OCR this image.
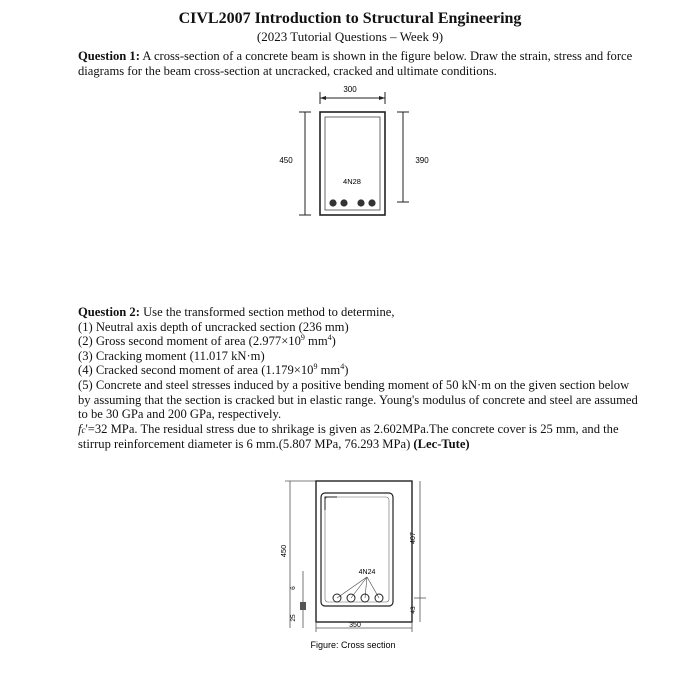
CIVL2007 Introduction to Structural Engineering
(2023 Tutorial Questions – Week 9)
Question 1: A cross-section of a concrete beam is shown in the figure below. Draw the strain, stress and force diagrams for the beam cross-section at uncracked, cracked and ultimate conditions.
300
450	390
4N28
Question 2: Use the transformed section method to determine,
(1) Neutral axis depth of uncracked section (236 mm)
(2) Gross second moment of area ($2.977\times 10^9$ $mm^4$)
(3) Cracking moment (11.017 kN·m)
(4) Cracked second moment of area ($1.179\times 10^9$ $mm^4$)
(5) Concrete and steel stresses induced by a positive bending moment of 50 kN·m on the given section below by assuming that the section is cracked but in elastic range. Young's modulus of concrete and steel are assumed to be 30 GPa and 200 GPa, respectively.
fc'=32 MPa. The residual stress due to shrikage is given as 2.602MPa.The concrete cover is 25 mm, and the stirrup reinforcement diameter is 6 mm.(5.807 MPa, 76.293 MPa) (Lec-Tute)
450
6
25
4N24
407
43
350
Figure: Cross section
